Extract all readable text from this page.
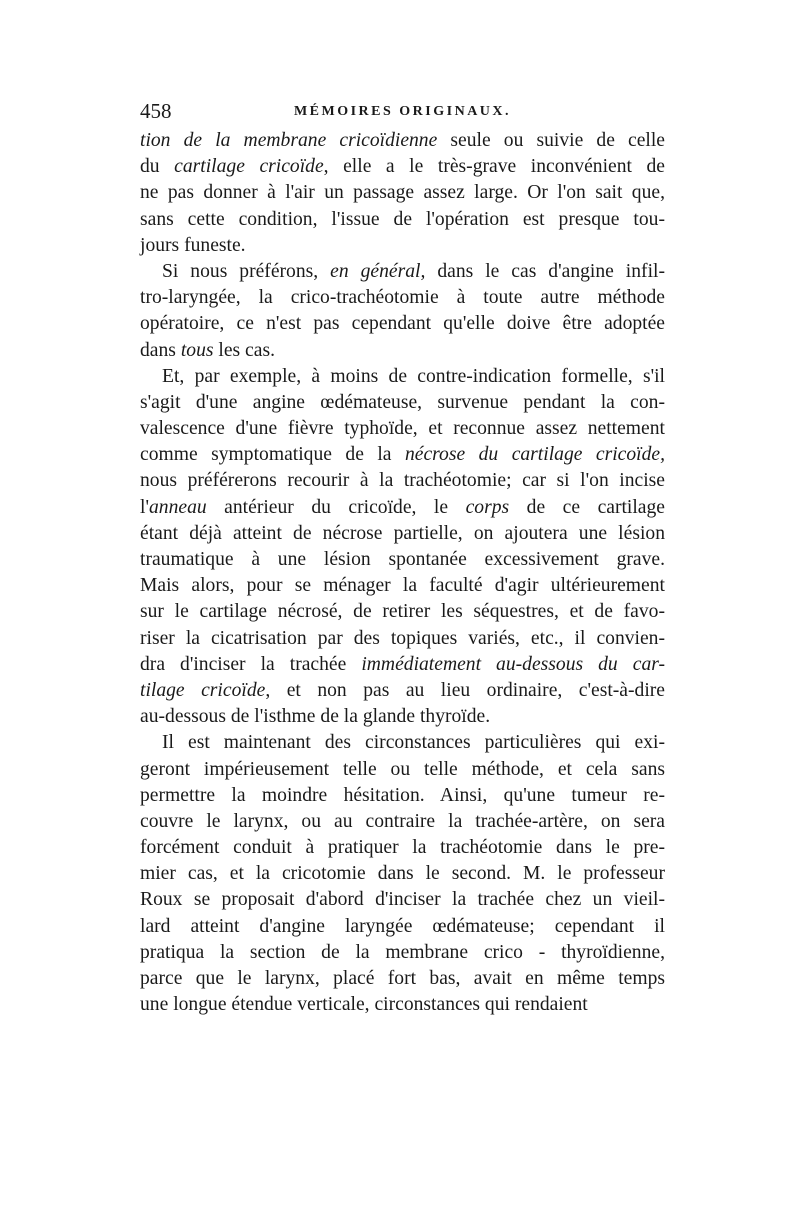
458	MÉMOIRES ORIGINAUX.
tion de la membrane cricoïdienne seule ou suivie de celle
du cartilage cricoïde, elle a le très-grave inconvénient de
ne pas donner à l'air un passage assez large. Or l'on sait que,
sans cette condition, l'issue de l'opération est presque tou-
jours funeste.
Si nous préférons, en général, dans le cas d'angine infil-
tro-laryngée, la crico-trachéotomie à toute autre méthode
opératoire, ce n'est pas cependant qu'elle doive être adoptée
dans tous les cas.
Et, par exemple, à moins de contre-indication formelle, s'il
s'agit d'une angine œdémateuse, survenue pendant la con-
valescence d'une fièvre typhoïde, et reconnue assez nettement
comme symptomatique de la nécrose du cartilage cricoïde,
nous préférerons recourir à la trachéotomie; car si l'on incise
l'anneau antérieur du cricoïde, le corps de ce cartilage
étant déjà atteint de nécrose partielle, on ajoutera une lésion
traumatique à une lésion spontanée excessivement grave.
Mais alors, pour se ménager la faculté d'agir ultérieurement
sur le cartilage nécrosé, de retirer les séquestres, et de favo-
riser la cicatrisation par des topiques variés, etc., il convien-
dra d'inciser la trachée immédiatement au-dessous du car-
tilage cricoïde, et non pas au lieu ordinaire, c'est-à-dire
au-dessous de l'isthme de la glande thyroïde.
Il est maintenant des circonstances particulières qui exi-
geront impérieusement telle ou telle méthode, et cela sans
permettre la moindre hésitation. Ainsi, qu'une tumeur re-
couvre le larynx, ou au contraire la trachée-artère, on sera
forcément conduit à pratiquer la trachéotomie dans le pre-
mier cas, et la cricotomie dans le second. M. le professeur
Roux se proposait d'abord d'inciser la trachée chez un vieil-
lard atteint d'angine laryngée œdémateuse; cependant il
pratiqua la section de la membrane crico - thyroïdienne,
parce que le larynx, placé fort bas, avait en même temps
une longue étendue verticale, circonstances qui rendaient
